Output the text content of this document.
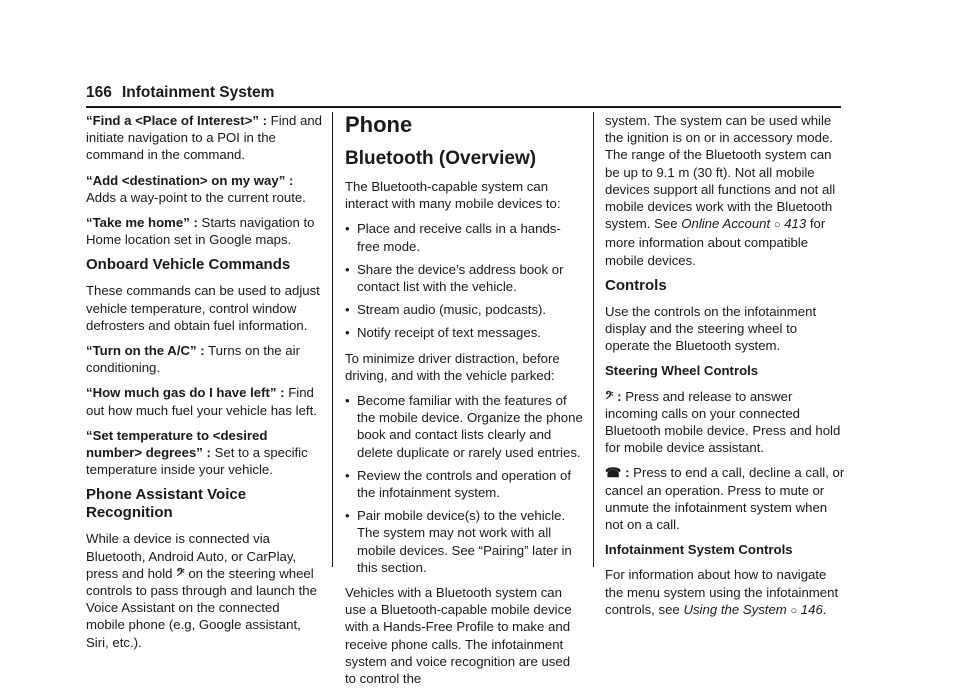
166 Infotainment System

“Find a <Place of Interest>” : Find and initiate navigation to a POI in the command in the command.

“Add <destination> on my way” : Adds a way-point to the current route.

“Take me home” : Starts navigation to Home location set in Google maps.

Onboard Vehicle Commands

These commands can be used to adjust vehicle temperature, control window defrosters and obtain fuel information.

“Turn on the A/C” : Turns on the air conditioning.

“How much gas do I have left” : Find out how much fuel your vehicle has left.

“Set temperature to <desired number> degrees” : Set to a specific temperature inside your vehicle.

Phone Assistant Voice Recognition

While a device is connected via Bluetooth, Android Auto, or CarPlay, press and hold 𝄢 on the steering wheel controls to pass through and launch the Voice Assistant on the connected mobile phone (e.g, Google assistant, Siri, etc.).

Phone
Bluetooth (Overview)

The Bluetooth-capable system can interact with many mobile devices to:

• Place and receive calls in a hands-free mode.
• Share the device’s address book or contact list with the vehicle.
• Stream audio (music, podcasts).
• Notify receipt of text messages.

To minimize driver distraction, before driving, and with the vehicle parked:

• Become familiar with the features of the mobile device. Organize the phone book and contact lists clearly and delete duplicate or rarely used entries.
• Review the controls and operation of the infotainment system.
• Pair mobile device(s) to the vehicle. The system may not work with all mobile devices. See “Pairing” later in this section.

Vehicles with a Bluetooth system can use a Bluetooth-capable mobile device with a Hands-Free Profile to make and receive phone calls. The infotainment system and voice recognition are used to control the

system. The system can be used while the ignition is on or in accessory mode. The range of the Bluetooth system can be up to 9.1 m (30 ft). Not all mobile devices support all functions and not all mobile devices work with the Bluetooth system. See Online Account ○ 413 for more information about compatible mobile devices.

Controls

Use the controls on the infotainment display and the steering wheel to operate the Bluetooth system.

Steering Wheel Controls

𝄢 : Press and release to answer incoming calls on your connected Bluetooth mobile device. Press and hold for mobile device assistant.

☎ : Press to end a call, decline a call, or cancel an operation. Press to mute or unmute the infotainment system when not on a call.

Infotainment System Controls

For information about how to navigate the menu system using the infotainment controls, see Using the System ○ 146.
